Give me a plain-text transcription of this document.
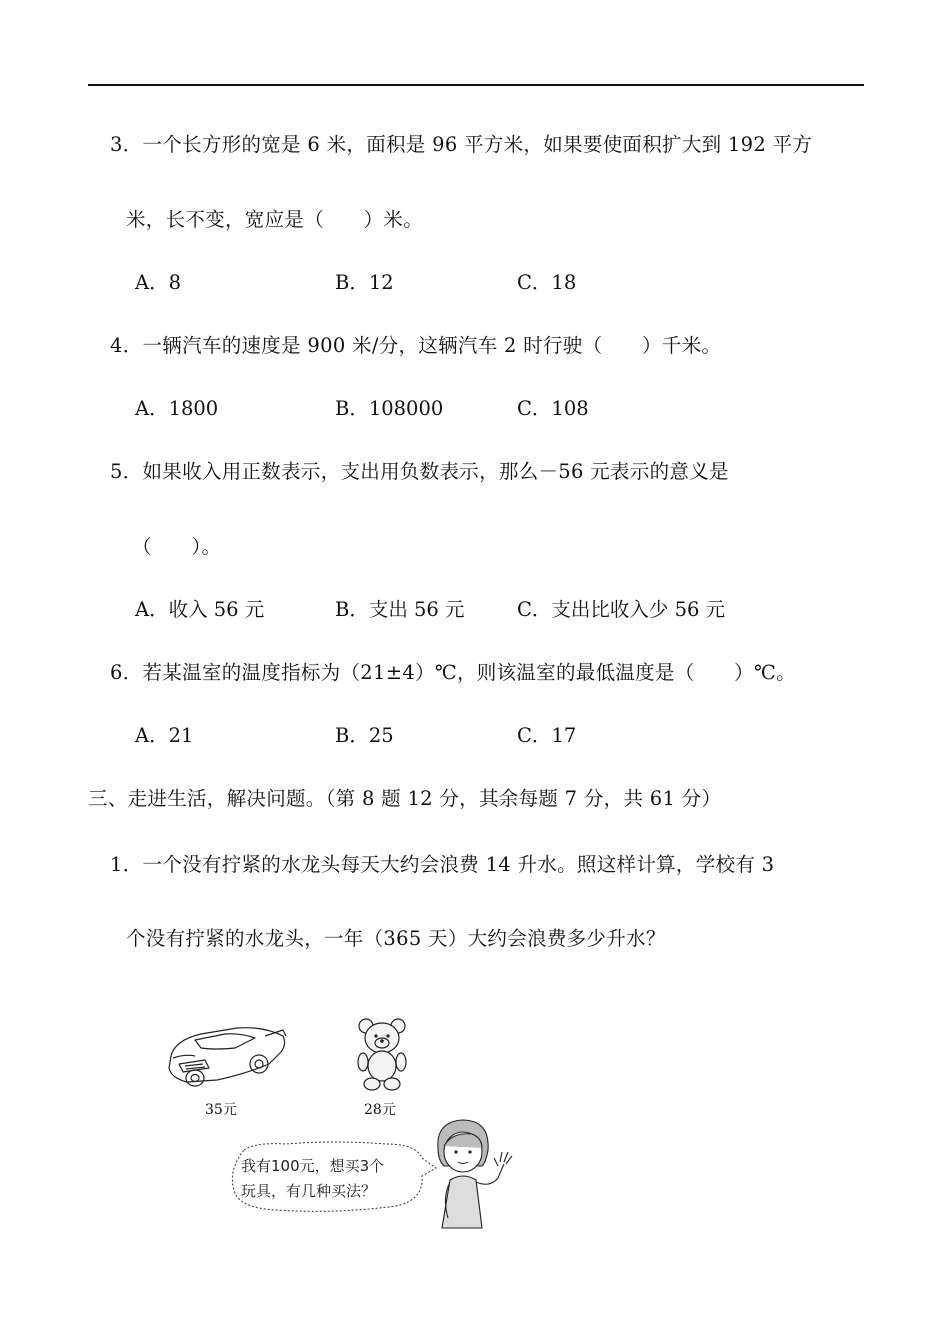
3．一个长方形的宽是 6 米，面积是 96 平方米，如果要使面积扩大到 192 平方
米，长不变，宽应是（　　）米。
A．8	B．12	C．18
4．一辆汽车的速度是 900 米/分，这辆汽车 2 时行驶（　　）千米。
A．1800	B．108000	C．108
5．如果收入用正数表示，支出用负数表示，那么－56 元表示的意义是
（　　）。
A．收入 56 元	B．支出 56 元	C．支出比收入少 56 元
6．若某温室的温度指标为（21±4）℃，则该温室的最低温度是（　　）℃。
A．21	B．25	C．17
三、走进生活，解决问题。（第 8 题 12 分，其余每题 7 分，共 61 分）
1．一个没有拧紧的水龙头每天大约会浪费 14 升水。照这样计算，学校有 3
个没有拧紧的水龙头，一年（365 天）大约会浪费多少升水？
35元	28元
我有100元，想买3个
玩具，有几种买法？
